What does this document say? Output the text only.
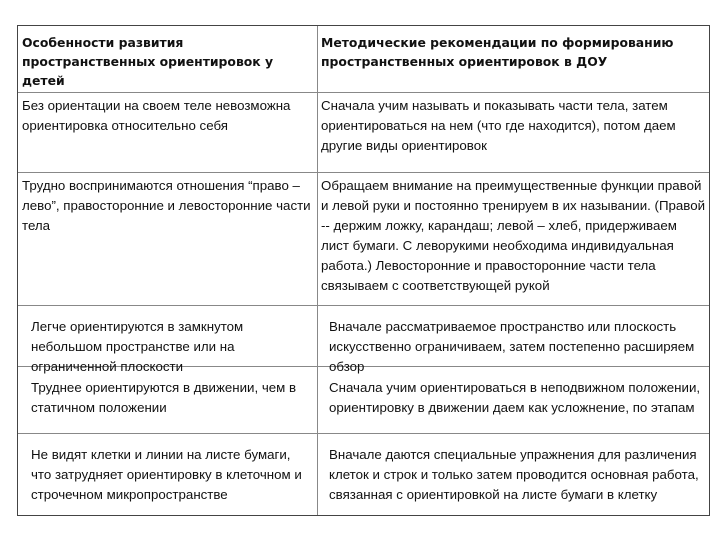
Особенности развития пространственных ориентировок у детей
Методические рекомендации по формированию пространственных ориентировок в ДОУ
Без ориентации на своем теле невозможна ориентировка относительно себя
Сначала учим называть и показывать части тела, затем ориентироваться на нем (что где находится), потом даем другие виды ориентировок
Трудно воспринимаются отношения “право – лево”, правосторонние и левосторонние части тела
Обращаем внимание на преимущественные функции правой и левой руки и постоянно тренируем в их назывании. (Правой -- держим ложку, карандаш; левой – хлеб, придерживаем лист бумаги. С леворукими необходима индивидуальная работа.) Левосторонние и правосторонние части тела связываем с соответствующей рукой
Легче ориентируются в замкнутом небольшом пространстве или на ограниченной плоскости
Вначале рассматриваемое пространство или плоскость искусственно ограничиваем, затем постепенно расширяем обзор
Труднее ориентируются в движении, чем в статичном положении
Сначала учим ориентироваться в неподвижном положении, ориентировку в движении даем как усложнение, по этапам
Не видят клетки и линии на листе бумаги, что затрудняет ориентировку в клеточном и строчечном микропространстве
Вначале даются специальные упражнения для различения клеток и строк и только затем проводится основная работа, связанная с ориентировкой на листе бумаги в клетку
